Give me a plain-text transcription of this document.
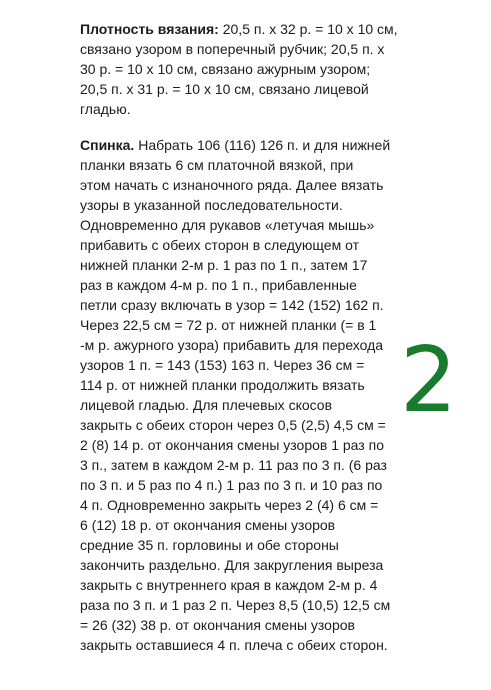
Плотность вязания: 20,5 п. х 32 р. = 10 х 10 см,
связано узором в поперечный рубчик; 20,5 п. х
30 р. = 10 х 10 см, связано ажурным узором;
20,5 п. х 31 р. = 10 х 10 см, связано лицевой
гладью.

Спинка. Набрать 106 (116) 126 п. и для нижней
планки вязать 6 см платочной вязкой, при
этом начать с изнаночного ряда. Далее вязать
узоры в указанной последовательности.
Одновременно для рукавов «летучая мышь»
прибавить с обеих сторон в следующем от
нижней планки 2-м р. 1 раз по 1 п., затем 17
раз в каждом 4-м р. по 1 п., прибавленные
петли сразу включать в узор = 142 (152) 162 п.
Через 22,5 см = 72 р. от нижней планки (= в 1
-м р. ажурного узора) прибавить для перехода
узоров 1 п. = 143 (153) 163 п. Через 36 см =
114 р. от нижней планки продолжить вязать
лицевой гладью. Для плечевых скосов
закрыть с обеих сторон через 0,5 (2,5) 4,5 см =
2 (8) 14 р. от окончания смены узоров 1 раз по
3 п., затем в каждом 2-м р. 11 раз по 3 п. (6 раз
по 3 п. и 5 раз по 4 п.) 1 раз по 3 п. и 10 раз по
4 п. Одновременно закрыть через 2 (4) 6 см =
6 (12) 18 р. от окончания смены узоров
средние 35 п. горловины и обе стороны
закончить раздельно. Для закругления выреза
закрыть с внутреннего края в каждом 2-м р. 4
раза по 3 п. и 1 раз 2 п. Через 8,5 (10,5) 12,5 см
= 26 (32) 38 р. от окончания смены узоров
закрыть оставшиеся 4 п. плеча с обеих сторон.

2
